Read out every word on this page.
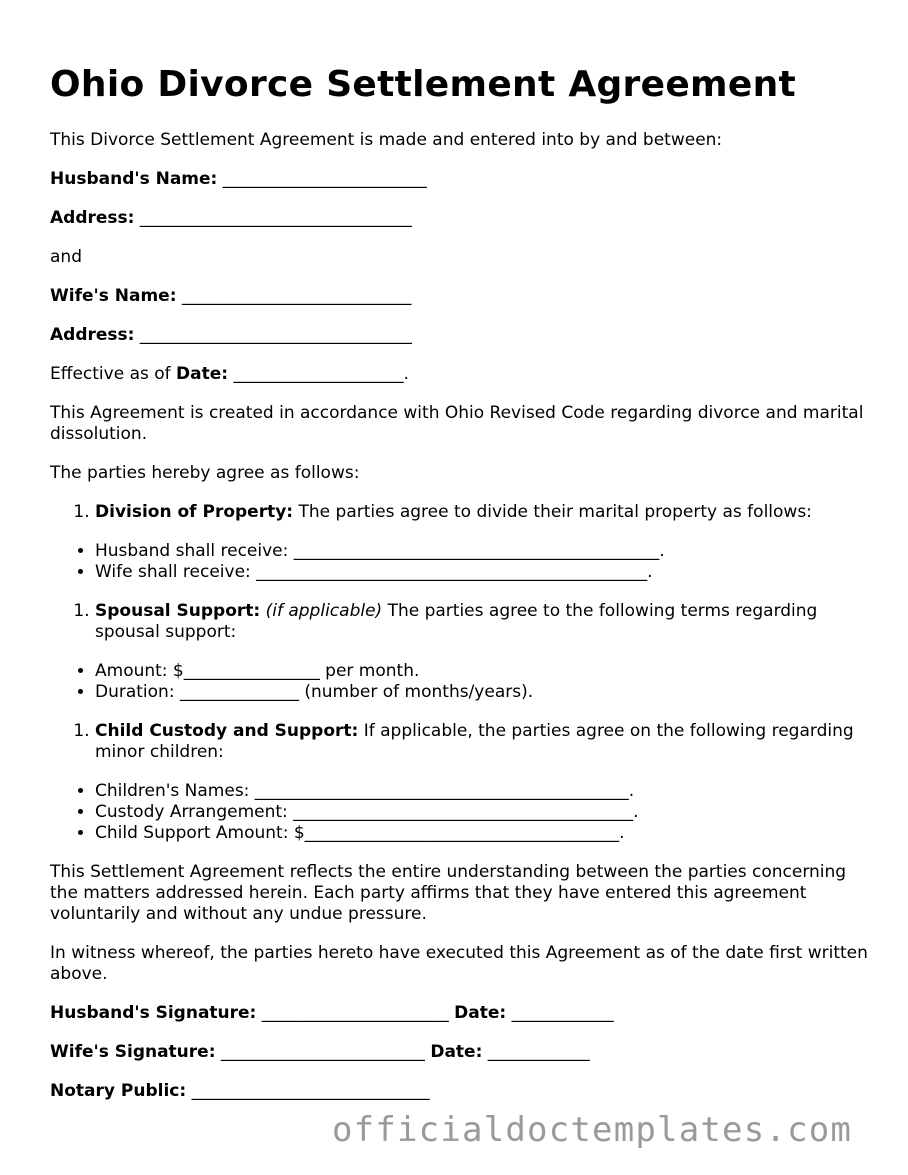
Ohio Divorce Settlement Agreement

This Divorce Settlement Agreement is made and entered into by and between:

Husband's Name: ________________________

Address: ________________________________

and

Wife's Name: ___________________________

Address: ________________________________

Effective as of Date: ____________________.

This Agreement is created in accordance with Ohio Revised Code regarding divorce and marital dissolution.

The parties hereby agree as follows:

1. Division of Property: The parties agree to divide their marital property as follows:
• Husband shall receive: ___________________________________________.
• Wife shall receive: ______________________________________________.
1. Spousal Support: (if applicable) The parties agree to the following terms regarding spousal support:
• Amount: $________________ per month.
• Duration: ______________ (number of months/years).
1. Child Custody and Support: If applicable, the parties agree on the following regarding minor children:
• Children's Names: ____________________________________________.
• Custody Arrangement: ________________________________________.
• Child Support Amount: $_____________________________________.

This Settlement Agreement reflects the entire understanding between the parties concerning the matters addressed herein. Each party affirms that they have entered this agreement voluntarily and without any undue pressure.

In witness whereof, the parties hereto have executed this Agreement as of the date first written above.

Husband's Signature: ______________________ Date: ____________

Wife's Signature: ________________________ Date: ____________

Notary Public: ____________________________

officialdoctemplates.com
